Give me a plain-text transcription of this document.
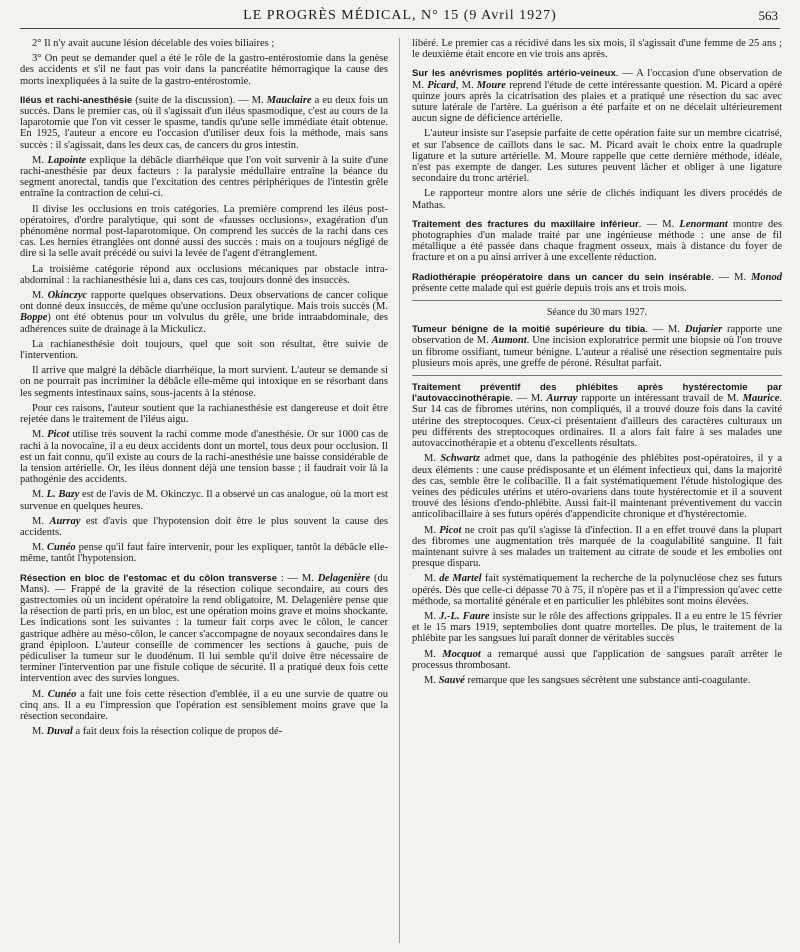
LE PROGRÈS MÉDICAL, N° 15 (9 Avril 1927)	563

2° Il n'y avait aucune lésion décelable des voies biliaires ;

3° On peut se demander quel a été le rôle de la gastro-entérostomie dans la genèse des accidents et s'il ne faut pas voir dans la pancréatite hémorragique la cause des morts inexpliquées à la suite de la gastro-entérostomie.

Iléus et rachi-anesthésie (suite de la discussion). — M. Mauclaire a eu deux fois un succès. Dans le premier cas, où il s'agissait d'un iléus spasmodique, c'est au cours de la laparotomie que l'on vit cesser le spasme, tandis qu'une selle immédiate était obtenue. En 1925, l'auteur a encore eu l'occasion d'utiliser deux fois la méthode, mais sans succès : il s'agissait, dans les deux cas, de cancers du gros intestin.

M. Lapointe explique la débâcle diarrhéique que l'on voit survenir à la suite d'une rachi-anesthésie par deux facteurs : la paralysie médullaire entraîne la béance du segment anorectal, tandis que l'excitation des centres périphériques de l'intestin grêle entraîne la contraction de celui-ci.

Il divise les occlusions en trois catégories. La première comprend les iléus post-opératoires, d'ordre paralytique, qui sont de «fausses occlusions», exagération d'un phénomène normal post-laparotomique. On comprend les succès de la rachi dans ces cas. Les hernies étranglées ont donné aussi des succès : mais on a toujours négligé de dire si la selle avait précédé ou suivi la levée de l'agent d'étranglement.

La troisième catégorie répond aux occlusions mécaniques par obstacle intra-abdominal : la rachianesthésie lui a, dans ces cas, toujours donné des insuccès.

M. Okinczyc rapporte quelques observations. Deux observations de cancer colique ont donné deux insuccès, de même qu'une occlusion paralytique. Mais trois succès (M. Boppe) ont été obtenus pour un volvulus du grêle, une bride intraabdominale, des adhérences suite de drainage à la Mickulicz.

La rachianesthésie doit toujours, quel que soit son résultat, être suivie de l'intervention.

Il arrive que malgré la débâcle diarrhéique, la mort survient. L'auteur se demande si on ne pourrait pas incriminer la débâcle elle-même qui intoxique en se résorbant dans les segments intestinaux sains, sous-jacents à la sténose.

Pour ces raisons, l'auteur soutient que la rachianesthésie est dangereuse et doit être rejetée dans le traitement de l'iléus aigu.

M. Picot utilise très souvent la rachi comme mode d'anesthésie. Or sur 1000 cas de rachi à la novocaïne, il a eu deux accidents dont un mortel, tous deux pour occlusion. Il est un fait connu, qu'il existe au cours de la rachi-anesthésie une baisse considérable de la tension artérielle. Or, les iléus donnent déjà une tension basse ; il faudrait voir là la pathogénie des accidents.

M. L. Bazy est de l'avis de M. Okinczyc. Il a observé un cas analogue, où la mort est survenue en quelques heures.

M. Aurray est d'avis que l'hypotension doit être le plus souvent la cause des accidents.

M. Cunéo pense qu'il faut faire intervenir, pour les expliquer, tantôt la débâcle elle-même, tantôt l'hypotension.

Résection en bloc de l'estomac et du côlon transverse : — M. Delagenière (du Mans). — Frappé de la gravité de la résection colique secondaire, au cours des gastrectomies où un incident opératoire la rend obligatoire, M. Delagenière pense que la résection de parti pris, en un bloc, est une opération moins grave et moins shockante. Les indications sont les suivantes : la tumeur fait corps avec le côlon, le cancer gastrique adhère au méso-côlon, le cancer s'accompagne de noyaux secondaires dans le grand épiploon. L'auteur conseille de commencer les sections à gauche, puis de pédiculiser la tumeur sur le duodénum. Il lui semble qu'il doive être nécessaire de terminer l'intervention par une fistule colique de sécurité. Il a pratiqué deux fois cette intervention avec des survies longues.

M. Cunéo a fait une fois cette résection d'emblée, il a eu une survie de quatre ou cinq ans. Il a eu l'impression que l'opération est sensiblement moins grave que la résection secondaire.

M. Duval a fait deux fois la résection colique de propos dé-

libéré. Le premier cas a récidivé dans les six mois, il s'agissait d'une femme de 25 ans ; le deuxième était encore en vie trois ans après.

Sur les anévrismes poplités artério-veineux. — A l'occasion d'une observation de M. Picard, M. Moure reprend l'étude de cette intéressante question. M. Picard a opéré quinze jours après la cicatrisation des plaies et a pratiqué une résection du sac avec suture latérale de l'artère. La guérison a été parfaite et on ne décelait ultérieurement aucun signe de déficience artérielle.

L'auteur insiste sur l'asepsie parfaite de cette opération faite sur un membre cicatrisé, et sur l'absence de caillots dans le sac. M. Picard avait le choix entre la quadruple ligature et la suture artérielle. M. Moure rappelle que cette dernière méthode, idéale, n'est pas exempte de danger. Les sutures peuvent lâcher et obliger à une ligature secondaire du tronc artériel.

Le rapporteur montre alors une série de clichés indiquant les divers procédés de Mathas.

Traitement des fractures du maxillaire inférieur. — M. Lenormant montre des photographies d'un malade traité par une ingénieuse méthode : une anse de fil métallique a été passée dans chaque fragment osseux, mais à distance du foyer de fracture et on a pu ainsi arriver à une excellente réduction.

Radiothérapie préopératoire dans un cancer du sein insérable. — M. Monod présente cette malade qui est guérie depuis trois ans et trois mois.

Séance du 30 mars 1927.

Tumeur bénigne de la moitié supérieure du tibia. — M. Dujarier rapporte une observation de M. Aumont. Une incision exploratrice permit une biopsie où l'on trouve un fibrome ossifiant, tumeur bénigne. L'auteur a réalisé une résection segmentaire puis plusieurs mois après, une greffe de péroné. Résultat parfait.

Traitement préventif des phlébites après hystérectomie par l'autovaccinothérapie. — M. Aurray rapporte un intéressant travail de M. Maurice. Sur 14 cas de fibromes utérins, non compliqués, il a trouvé douze fois dans la cavité utérine des streptocoques. Ceux-ci présentaient d'ailleurs des caractères culturaux un peu différents des streptocoques ordinaires. Il a alors fait faire à ses malades une autovaccinothérapie et a obtenu d'excellents résultats.

M. Schwartz admet que, dans la pathogénie des phlébites post-opératoires, il y a deux éléments : une cause prédisposante et un élément infectieux qui, dans la majorité des cas, semble être le colibacille. Il a fait systématiquement l'étude histologique des veines des pédicules utérins et utéro-ovariens dans toute hystérectomie et il a souvent trouvé des lésions d'endo-phlébite. Aussi fait-il maintenant préventivement du vaccin anticolibacillaire à ses futurs opérés d'appendicite chronique et d'hystérectomie.

M. Picot ne croit pas qu'il s'agisse là d'infection. Il a en effet trouvé dans la plupart des fibromes une augmentation très marquée de la coagulabilité sanguine. Il fait maintenant suivre à ses malades un traitement au citrate de soude et les embolies ont presque disparu.

M. de Martel fait systématiquement la recherche de la polynucléose chez ses futurs opérés. Dès que celle-ci dépasse 70 à 75, il n'opère pas et il a l'impression qu'avec cette méthode, sa mortalité générale et en particulier les phlébites sont moins élevées.

M. J.-L. Faure insiste sur le rôle des affections grippales. Il a eu entre le 15 février et le 15 mars 1919, septembolies dont quatre mortelles. De plus, le traitement de la phlébite par les sangsues lui paraît donner de véritables succès

M. Mocquot a remarqué aussi que l'application de sangsues paraît arrêter le processus thrombosant.

M. Sauvé remarque que les sangsues sécrètent une substance anti-coagulante.
